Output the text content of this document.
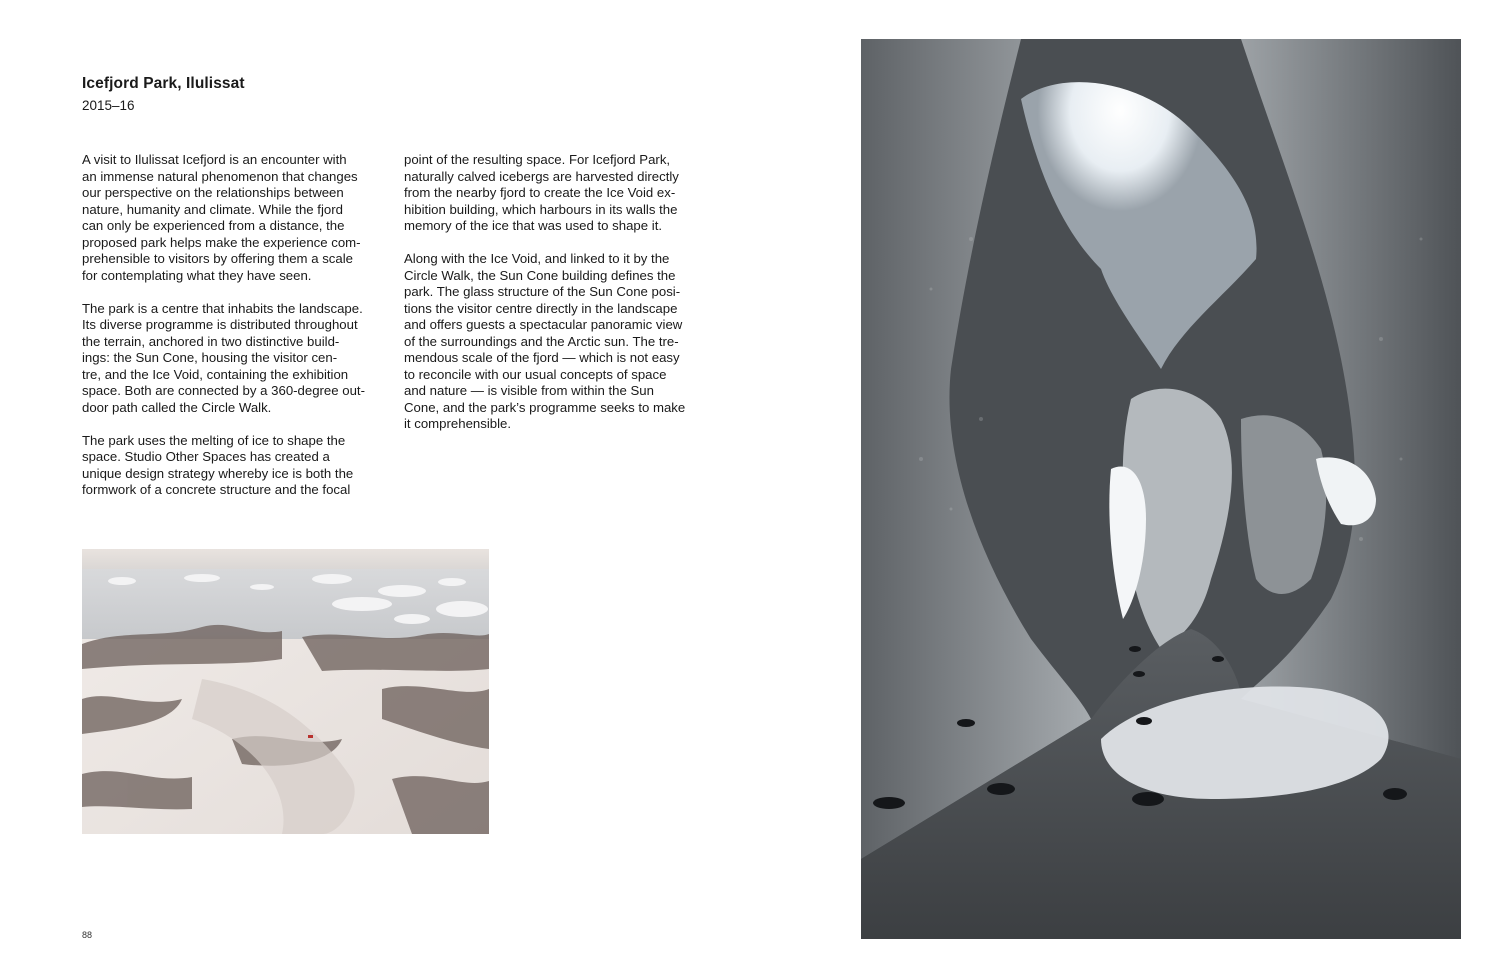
Icefjord Park, Ilulissat
2015–16

A visit to Ilulissat Icefjord is an encounter with
an immense natural phenomenon that changes
our perspective on the relationships between
nature, humanity and climate. While the fjord
can only be experienced from a distance, the
proposed park helps make the experience com-
prehensible to visitors by offering them a scale
for contemplating what they have seen.

The park is a centre that inhabits the landscape.
Its diverse programme is distributed throughout
the terrain, anchored in two distinctive build-
ings: the Sun Cone, housing the visitor cen-
tre, and the Ice Void, containing the exhibition
space. Both are connected by a 360-degree out-
door path called the Circle Walk.

The park uses the melting of ice to shape the
space. Studio Other Spaces has created a
unique design strategy whereby ice is both the
formwork of a concrete structure and the focal

point of the resulting space. For Icefjord Park,
naturally calved icebergs are harvested directly
from the nearby fjord to create the Ice Void ex-
hibition building, which harbours in its walls the
memory of the ice that was used to shape it.

Along with the Ice Void, and linked to it by the
Circle Walk, the Sun Cone building defines the
park. The glass structure of the Sun Cone posi-
tions the visitor centre directly in the landscape
and offers guests a spectacular panoramic view
of the surroundings and the Arctic sun. The tre-
mendous scale of the fjord — which is not easy
to reconcile with our usual concepts of space
and nature — is visible from within the Sun
Cone, and the park’s programme seeks to make
it comprehensible.

88
